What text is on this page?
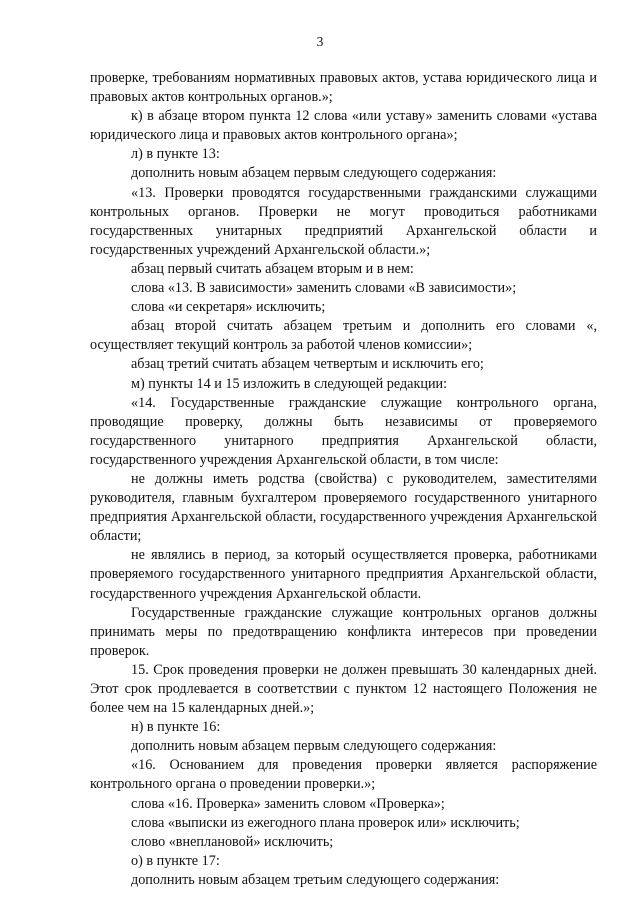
3

проверке, требованиям нормативных правовых актов, устава юридического лица и правовых актов контрольных органов.»;

к) в абзаце втором пункта 12 слова «или уставу» заменить словами «устава юридического лица и правовых актов контрольного органа»;

л) в пункте 13:

дополнить новым абзацем первым следующего содержания:

«13. Проверки проводятся государственными гражданскими служащими контрольных органов. Проверки не могут проводиться работниками государственных унитарных предприятий Архангельской области и государственных учреждений Архангельской области.»;

абзац первый считать абзацем вторым и в нем:

слова «13. В зависимости» заменить словами «В зависимости»;

слова «и секретаря» исключить;

абзац второй считать абзацем третьим и дополнить его словами «, осуществляет текущий контроль за работой членов комиссии»;

абзац третий считать абзацем четвертым и исключить его;

м) пункты 14 и 15 изложить в следующей редакции:

«14. Государственные гражданские служащие контрольного органа, проводящие проверку, должны быть независимы от проверяемого государственного унитарного предприятия Архангельской области, государственного учреждения Архангельской области, в том числе:

не должны иметь родства (свойства) с руководителем, заместителями руководителя, главным бухгалтером проверяемого государственного унитарного предприятия Архангельской области, государственного учреждения Архангельской области;

не являлись в период, за который осуществляется проверка, работниками проверяемого государственного унитарного предприятия Архангельской области, государственного учреждения Архангельской области.

Государственные гражданские служащие контрольных органов должны принимать меры по предотвращению конфликта интересов при проведении проверок.

15. Срок проведения проверки не должен превышать 30 календарных дней. Этот срок продлевается в соответствии с пунктом 12 настоящего Положения не более чем на 15 календарных дней.»;

н) в пункте 16:

дополнить новым абзацем первым следующего содержания:

«16. Основанием для проведения проверки является распоряжение контрольного органа о проведении проверки.»;

слова «16. Проверка» заменить словом «Проверка»;

слова «выписки из ежегодного плана проверок или» исключить;

слово «внеплановой» исключить;

о) в пункте 17:

дополнить новым абзацем третьим следующего содержания:
